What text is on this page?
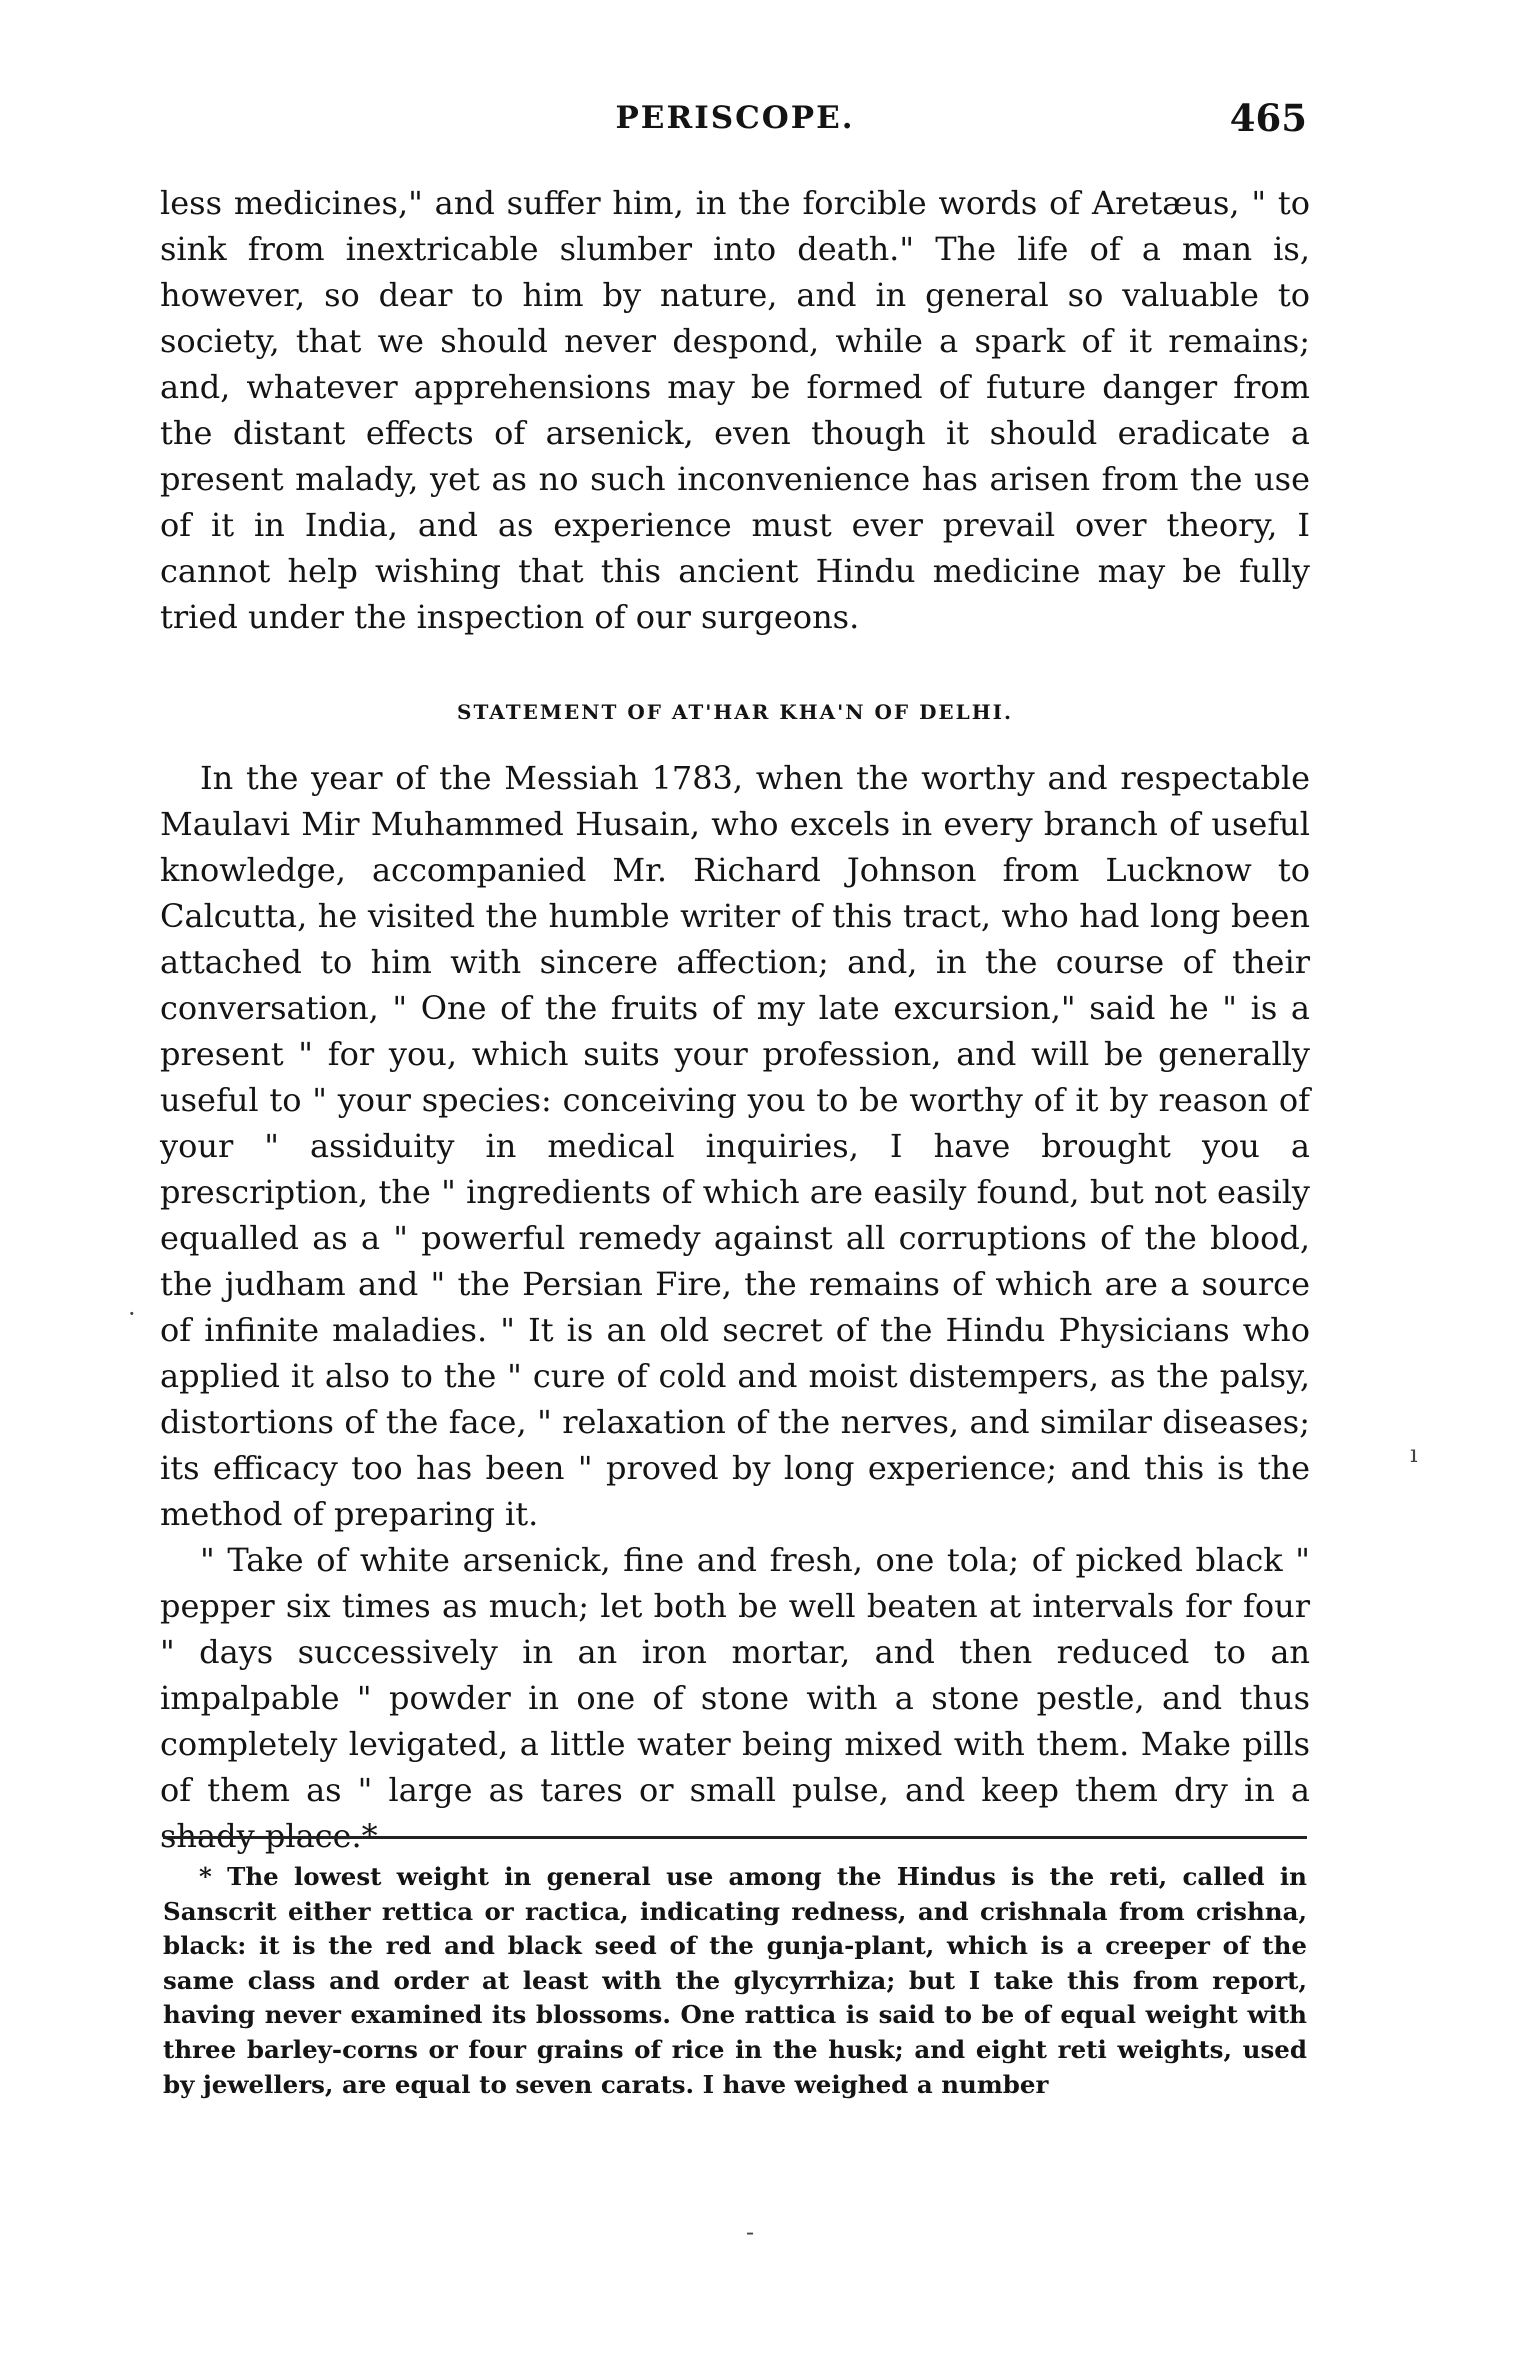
PERISCOPE.	465

less medicines," and suffer him, in the forcible words of Aretæus, " to sink from inextricable slumber into death." The life of a man is, however, so dear to him by nature, and in general so valuable to society, that we should never despond, while a spark of it remains; and, whatever apprehensions may be formed of future danger from the distant effects of arsenick, even though it should eradicate a present malady, yet as no such inconvenience has arisen from the use of it in India, and as experience must ever prevail over theory, I cannot help wishing that this ancient Hindu medicine may be fully tried under the inspection of our surgeons.

STATEMENT OF AT'HAR KHA'N OF DELHI.

In the year of the Messiah 1783, when the worthy and respectable Maulavi Mir Muhammed Husain, who excels in every branch of useful knowledge, accompanied Mr. Richard Johnson from Lucknow to Calcutta, he visited the humble writer of this tract, who had long been attached to him with sincere affection; and, in the course of their conversation, " One of the fruits of my late excursion," said he " is a present " for you, which suits your profession, and will be generally useful to " your species: conceiving you to be worthy of it by reason of your " assiduity in medical inquiries, I have brought you a prescription, the " ingredients of which are easily found, but not easily equalled as a " powerful remedy against all corruptions of the blood, the judham and " the Persian Fire, the remains of which are a source of infinite maladies. " It is an old secret of the Hindu Physicians who applied it also to the " cure of cold and moist distempers, as the palsy, distortions of the face, " relaxation of the nerves, and similar diseases; its efficacy too has been " proved by long experience; and this is the method of preparing it.

" Take of white arsenick, fine and fresh, one tola; of picked black " pepper six times as much; let both be well beaten at intervals for four " days successively in an iron mortar, and then reduced to an impalpable " powder in one of stone with a stone pestle, and thus completely levigated, a little water being mixed with them. Make pills of them as " large as tares or small pulse, and keep them dry in a shady place.*

* The lowest weight in general use among the Hindus is the reti, called in Sanscrit either rettica or ractica, indicating redness, and crishnala from crishna, black: it is the red and black seed of the gunja-plant, which is a creeper of the same class and order at least with the glycyrrhiza; but I take this from report, having never examined its blossoms. One rattica is said to be of equal weight with three barley-corns or four grains of rice in the husk; and eight reti weights, used by jewellers, are equal to seven carats. I have weighed a number
·
ı
-
